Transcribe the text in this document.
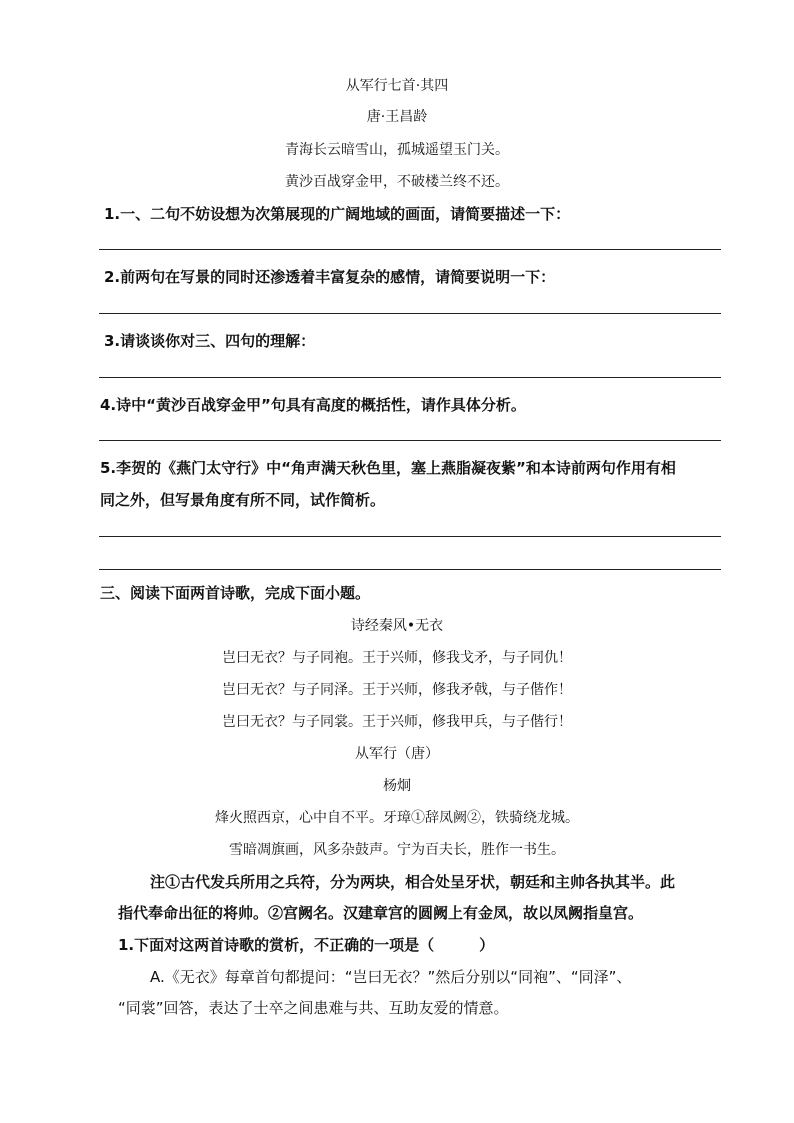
从军行七首·其四
唐·王昌龄
青海长云暗雪山，孤城遥望玉门关。
黄沙百战穿金甲，不破楼兰终不还。
1.一、二句不妨设想为次第展现的广阔地域的画面，请简要描述一下：
2.前两句在写景的同时还渗透着丰富复杂的感情，请简要说明一下：
3.请谈谈你对三、四句的理解：
4.诗中“黄沙百战穿金甲”句具有高度的概括性，请作具体分析。
5.李贺的《燕门太守行》中“角声满天秋色里，塞上燕脂凝夜紫”和本诗前两句作用有相
同之外，但写景角度有所不同，试作简析。
三、阅读下面两首诗歌，完成下面小题。
诗经秦风•无衣
岂曰无衣？与子同袍。王于兴师，修我戈矛，与子同仇！
岂曰无衣？与子同泽。王于兴师，修我矛戟，与子偕作！
岂曰无衣？与子同裳。王于兴师，修我甲兵，与子偕行！
从军行（唐）
杨炯
烽火照西京，心中自不平。牙璋①辞凤阙②，铁骑绕龙城。
雪暗凋旗画，风多杂鼓声。宁为百夫长，胜作一书生。
注①古代发兵所用之兵符，分为两块，相合处呈牙状，朝廷和主帅各执其半。此
指代奉命出征的将帅。②宫阙名。汉建章宫的圆阙上有金凤，故以凤阙指皇宫。
1.下面对这两首诗歌的赏析，不正确的一项是（　　　）
A.《无衣》每章首句都提问：“岂曰无衣？”然后分别以“同袍”、“同泽”、
“同裳”回答，表达了士卒之间患难与共、互助友爱的情意。
